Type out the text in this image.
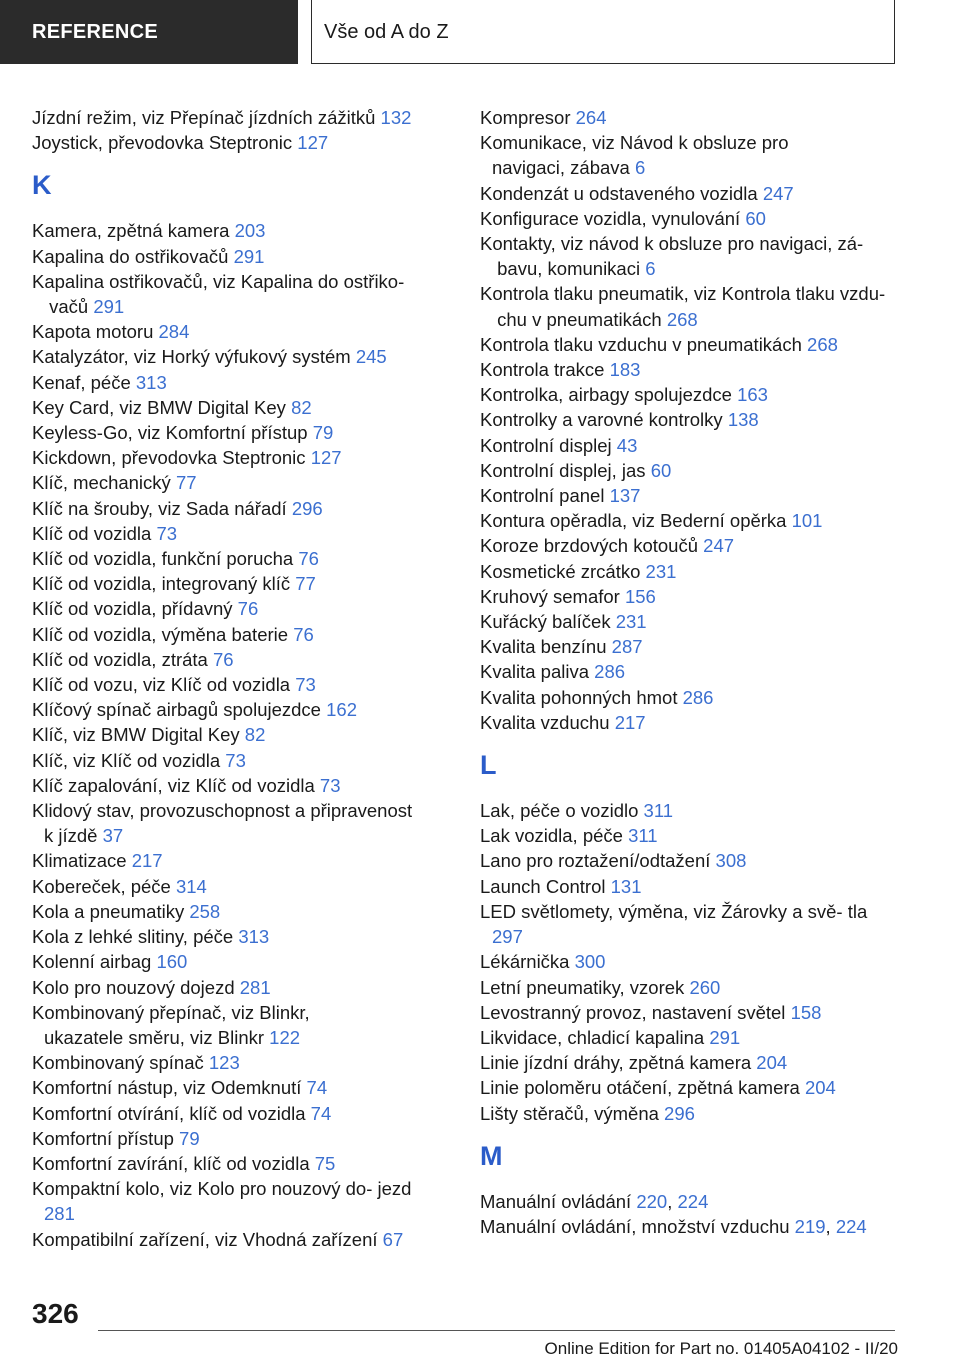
REFERENCE	Vše od A do Z
Jízdní režim, viz Přepínač jízdních zážitků 132
Joystick, převodovka Steptronic 127
K
Kamera, zpětná kamera 203
Kapalina do ostřikovačů 291
Kapalina ostřikovačů, viz Kapalina do ostřiko- vačů 291
Kapota motoru 284
Katalyzátor, viz Horký výfukový systém 245
Kenaf, péče 313
Key Card, viz BMW Digital Key 82
Keyless-Go, viz Komfortní přístup 79
Kickdown, převodovka Steptronic 127
Klíč, mechanický 77
Klíč na šrouby, viz Sada nářadí 296
Klíč od vozidla 73
Klíč od vozidla, funkční porucha 76
Klíč od vozidla, integrovaný klíč 77
Klíč od vozidla, přídavný 76
Klíč od vozidla, výměna baterie 76
Klíč od vozidla, ztráta 76
Klíč od vozu, viz Klíč od vozidla 73
Klíčový spínač airbagů spolujezdce 162
Klíč, viz BMW Digital Key 82
Klíč, viz Klíč od vozidla 73
Klíč zapalování, viz Klíč od vozidla 73
Klidový stav, provozuschopnost a připravenost k jízdě 37
Klimatizace 217
Kobereček, péče 314
Kola a pneumatiky 258
Kola z lehké slitiny, péče 313
Kolenní airbag 160
Kolo pro nouzový dojezd 281
Kombinovaný přepínač, viz Blinkr, ukazatele směru, viz Blinkr 122
Kombinovaný spínač 123
Komfortní nástup, viz Odemknutí 74
Komfortní otvírání, klíč od vozidla 74
Komfortní přístup 79
Komfortní zavírání, klíč od vozidla 75
Kompaktní kolo, viz Kolo pro nouzový do- jezd 281
Kompatibilní zařízení, viz Vhodná zařízení 67
Kompresor 264
Komunikace, viz Návod k obsluze pro navigaci, zábava 6
Kondenzát u odstaveného vozidla 247
Konfigurace vozidla, vynulování 60
Kontakty, viz návod k obsluze pro navigaci, zá- bavu, komunikaci 6
Kontrola tlaku pneumatik, viz Kontrola tlaku vzdu- chu v pneumatikách 268
Kontrola tlaku vzduchu v pneumatikách 268
Kontrola trakce 183
Kontrolka, airbagy spolujezdce 163
Kontrolky a varovné kontrolky 138
Kontrolní displej 43
Kontrolní displej, jas 60
Kontrolní panel 137
Kontura opěradla, viz Bederní opěrka 101
Koroze brzdových kotoučů 247
Kosmetické zrcátko 231
Kruhový semafor 156
Kuřácký balíček 231
Kvalita benzínu 287
Kvalita paliva 286
Kvalita pohonných hmot 286
Kvalita vzduchu 217
L
Lak, péče o vozidlo 311
Lak vozidla, péče 311
Lano pro roztažení/odtažení 308
Launch Control 131
LED světlomety, výměna, viz Žárovky a svě- tla 297
Lékárnička 300
Letní pneumatiky, vzorek 260
Levostranný provoz, nastavení světel 158
Likvidace, chladicí kapalina 291
Linie jízdní dráhy, zpětná kamera 204
Linie poloměru otáčení, zpětná kamera 204
Lišty stěračů, výměna 296
M
Manuální ovládání 220, 224
Manuální ovládání, množství vzduchu 219, 224
326
Online Edition for Part no. 01405A04102 - II/20
